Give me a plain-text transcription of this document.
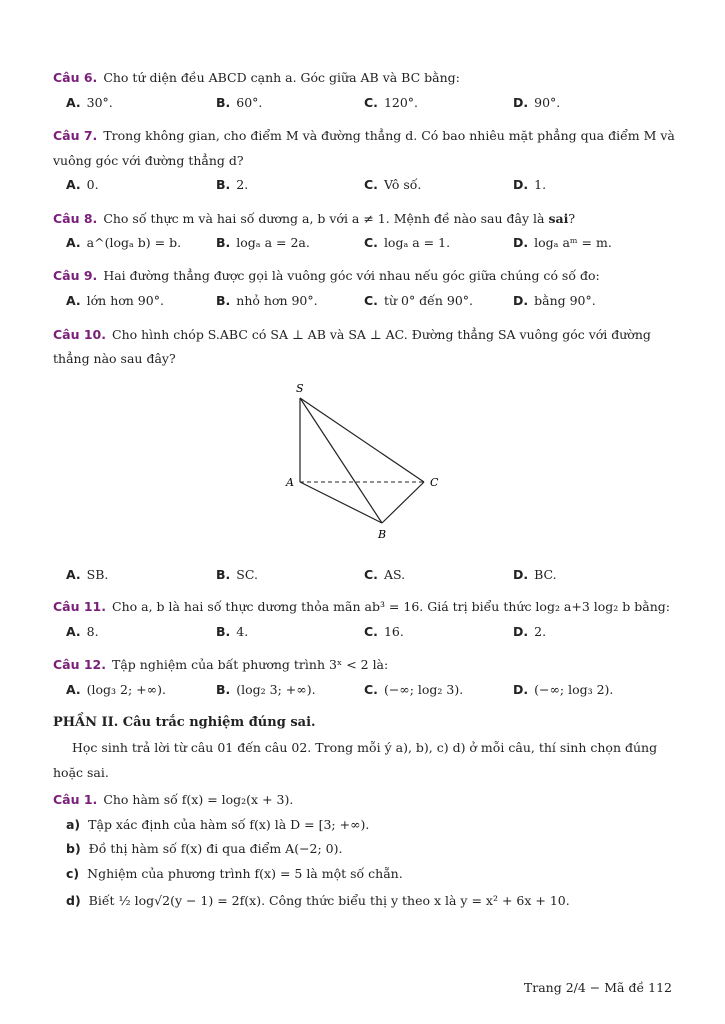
Câu 6. Cho tứ diện đều ABCD cạnh a. Góc giữa AB và BC bằng:
A. 30°.	B. 60°.	C. 120°.	D. 90°.
Câu 7. Trong không gian, cho điểm M và đường thẳng d. Có bao nhiêu mặt phẳng qua điểm M và
vuông góc với đường thẳng d?
A. 0.	B. 2.	C. Vô số.	D. 1.
Câu 8. Cho số thực m và hai số dương a, b với a ≠ 1. Mệnh đề nào sau đây là sai?
A. a^(logₐ b) = b.	B. logₐ a = 2a.	C. logₐ a = 1.	D. logₐ aᵐ = m.
Câu 9. Hai đường thẳng được gọi là vuông góc với nhau nếu góc giữa chúng có số đo:
A. lớn hơn 90°.	B. nhỏ hơn 90°.	C. từ 0° đến 90°.	D. bằng 90°.
Câu 10. Cho hình chóp S.ABC có SA ⊥ AB và SA ⊥ AC. Đường thẳng SA vuông góc với đường
thẳng nào sau đây?
S
A
B
C
A. SB.	B. SC.	C. AS.	D. BC.
Câu 11. Cho a, b là hai số thực dương thỏa mãn ab³ = 16. Giá trị biểu thức log₂ a+3 log₂ b bằng:
A. 8.	B. 4.	C. 16.	D. 2.
Câu 12. Tập nghiệm của bất phương trình 3ˣ < 2 là:
A. (log₃ 2; +∞).	B. (log₂ 3; +∞).	C. (−∞; log₂ 3).	D. (−∞; log₃ 2).
PHẦN II. Câu trắc nghiệm đúng sai.
Học sinh trả lời từ câu 01 đến câu 02. Trong mỗi ý a), b), c) d) ở mỗi câu, thí sinh chọn đúng
hoặc sai.
Câu 1. Cho hàm số f(x) = log₂(x + 3).
a) Tập xác định của hàm số f(x) là D = [3; +∞).
b) Đồ thị hàm số f(x) đi qua điểm A(−2; 0).
c) Nghiệm của phương trình f(x) = 5 là một số chẵn.
d) Biết ½ log√2(y − 1) = 2f(x). Công thức biểu thị y theo x là y = x² + 6x + 10.
Trang 2/4 − Mã đề 112
